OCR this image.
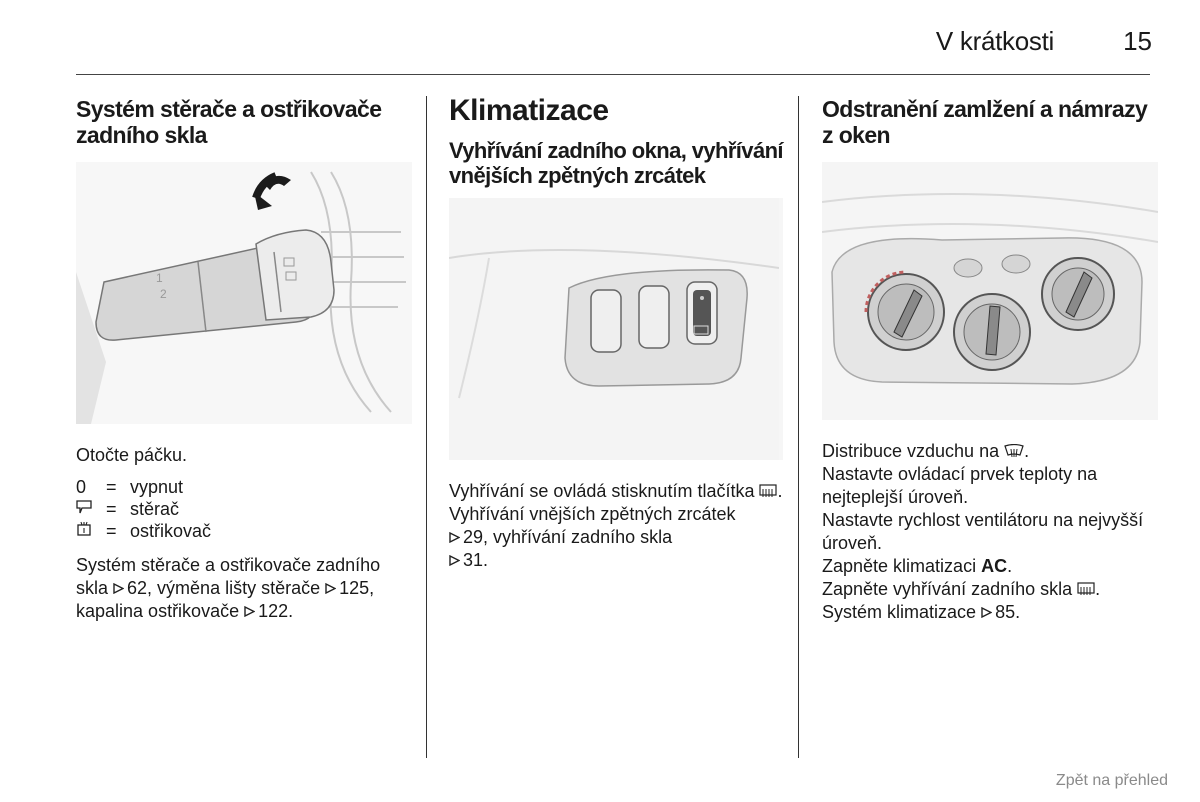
V krátkosti	15
Systém stěrače a ostřikovače zadního skla
1
2

Otočte páčku.

0	= vypnut
= stěrač
= ostřikovač

Systém stěrače a ostřikovače zadního skla 62, výměna lišty stěrače 125, kapalina ostřikovače 122.

Klimatizace
Vyhřívání zadního okna, vyhřívání vnějších zpětných zrcátek

Vyhřívání se ovládá stisknutím tlačítka .

Vyhřívání vnějších zpětných zrcátek
29, vyhřívání zadního skla
31.

Odstranění zamlžení a námrazy z oken

Distribuce vzduchu na .

Nastavte ovládací prvek teploty na nejteplejší úroveň.

Nastavte rychlost ventilátoru na nejvyšší úroveň.

Zapněte klimatizaci AC.

Zapněte vyhřívání zadního skla .

Systém klimatizace 85.

Zpět na přehled
